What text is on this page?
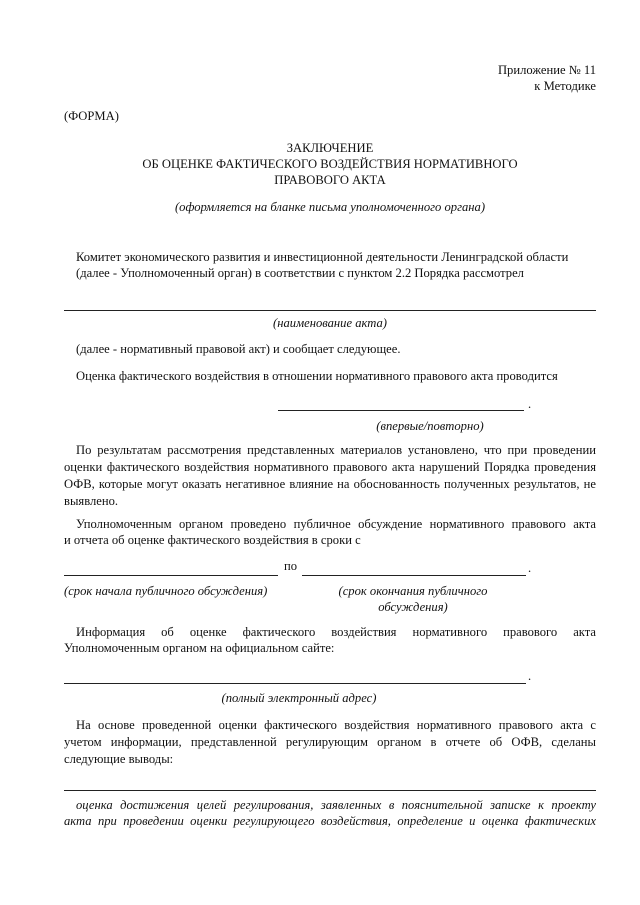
Приложение № 11
к Методике
(ФОРМА)
ЗАКЛЮЧЕНИЕ
ОБ ОЦЕНКЕ ФАКТИЧЕСКОГО ВОЗДЕЙСТВИЯ НОРМАТИВНОГО
ПРАВОВОГО АКТА
(оформляется на бланке письма уполномоченного органа)
Комитет экономического развития и инвестиционной деятельности Ленинградской области
(далее - Уполномоченный орган) в соответствии с пунктом 2.2 Порядка рассмотрел
(наименование акта)
(далее - нормативный правовой акт) и сообщает следующее.
Оценка фактического воздействия в отношении нормативного правового акта проводится
.
(впервые/повторно)
По результатам рассмотрения представленных материалов установлено, что при проведении оценки фактического воздействия нормативного правового акта нарушений Порядка проведения ОФВ, которые могут оказать негативное влияние на обоснованность полученных результатов, не выявлено.
Уполномоченным органом проведено публичное обсуждение нормативного правового акта
и отчета об оценке фактического воздействия в сроки с
по	.
(срок начала публичного обсуждения)	(срок окончания публичного
обсуждения)
Информация об оценке фактического воздействия нормативного правового акта
Уполномоченным органом на официальном сайте:
.
(полный электронный адрес)
На основе проведенной оценки фактического воздействия нормативного правового акта с учетом информации, представленной регулирующим органом в отчете об ОФВ, сделаны следующие выводы:
оценка достижения целей регулирования, заявленных в пояснительной записке к проекту
акта при проведении оценки регулирующего воздействия, определение и оценка фактических
